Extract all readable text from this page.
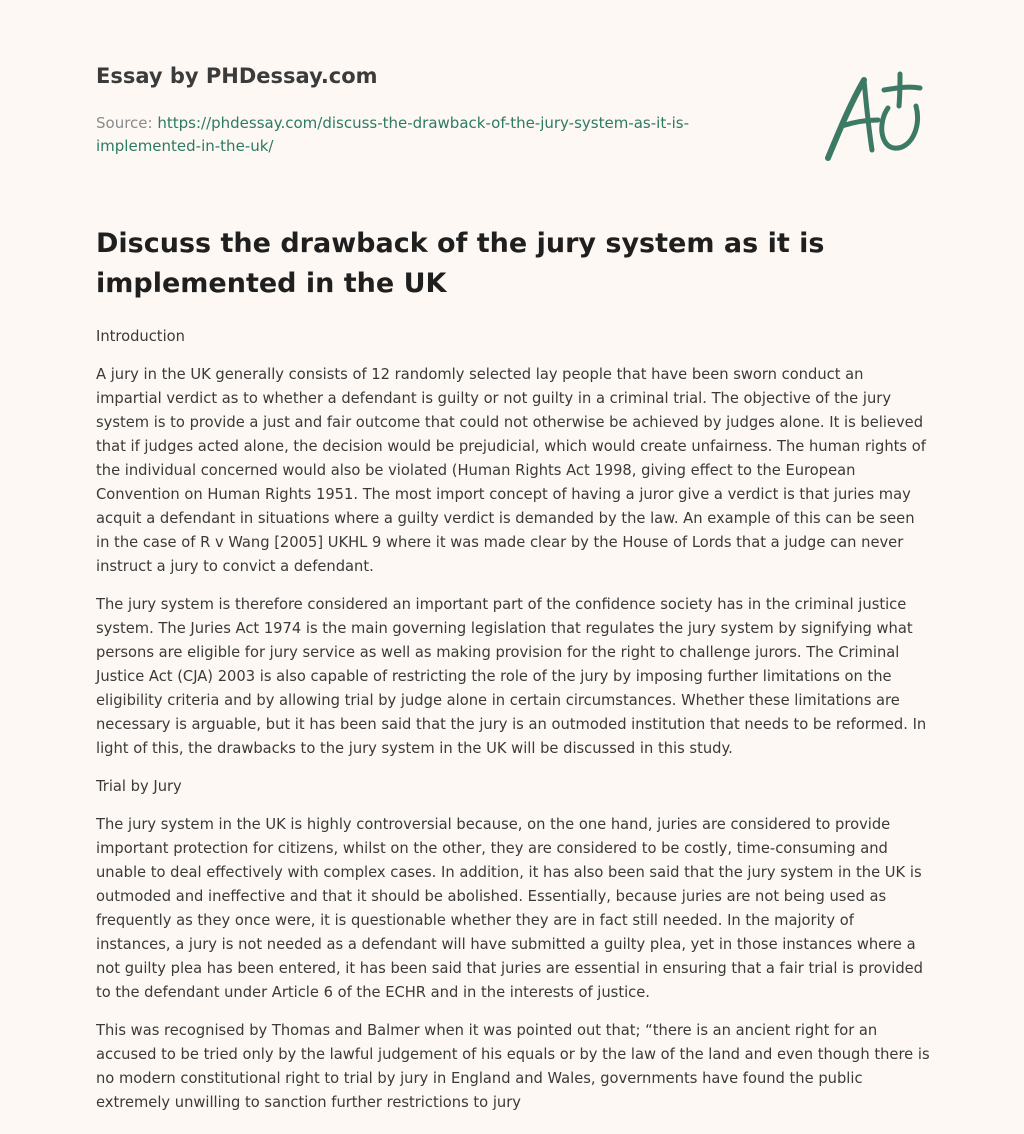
Essay by PHDessay.com

Source: https://phdessay.com/discuss-the-drawback-of-the-jury-system-as-it-is-implemented-in-the-uk/

Discuss the drawback of the jury system as it is implemented in the UK

Introduction

A jury in the UK generally consists of 12 randomly selected lay people that have been sworn conduct an impartial verdict as to whether a defendant is guilty or not guilty in a criminal trial. The objective of the jury system is to provide a just and fair outcome that could not otherwise be achieved by judges alone. It is believed that if judges acted alone, the decision would be prejudicial, which would create unfairness. The human rights of the individual concerned would also be violated (Human Rights Act 1998, giving effect to the European Convention on Human Rights 1951. The most import concept of having a juror give a verdict is that juries may acquit a defendant in situations where a guilty verdict is demanded by the law. An example of this can be seen in the case of R v Wang [2005] UKHL 9 where it was made clear by the House of Lords that a judge can never instruct a jury to convict a defendant.

The jury system is therefore considered an important part of the confidence society has in the criminal justice system. The Juries Act 1974 is the main governing legislation that regulates the jury system by signifying what persons are eligible for jury service as well as making provision for the right to challenge jurors. The Criminal Justice Act (CJA) 2003 is also capable of restricting the role of the jury by imposing further limitations on the eligibility criteria and by allowing trial by judge alone in certain circumstances. Whether these limitations are necessary is arguable, but it has been said that the jury is an outmoded institution that needs to be reformed. In light of this, the drawbacks to the jury system in the UK will be discussed in this study.

Trial by Jury

The jury system in the UK is highly controversial because, on the one hand, juries are considered to provide important protection for citizens, whilst on the other, they are considered to be costly, time-consuming and unable to deal effectively with complex cases. In addition, it has also been said that the jury system in the UK is outmoded and ineffective and that it should be abolished. Essentially, because juries are not being used as frequently as they once were, it is questionable whether they are in fact still needed. In the majority of instances, a jury is not needed as a defendant will have submitted a guilty plea, yet in those instances where a not guilty plea has been entered, it has been said that juries are essential in ensuring that a fair trial is provided to the defendant under Article 6 of the ECHR and in the interests of justice.

This was recognised by Thomas and Balmer when it was pointed out that; “there is an ancient right for an accused to be tried only by the lawful judgement of his equals or by the law of the land and even though there is no modern constitutional right to trial by jury in England and Wales, governments have found the public extremely unwilling to sanction further restrictions to jury
